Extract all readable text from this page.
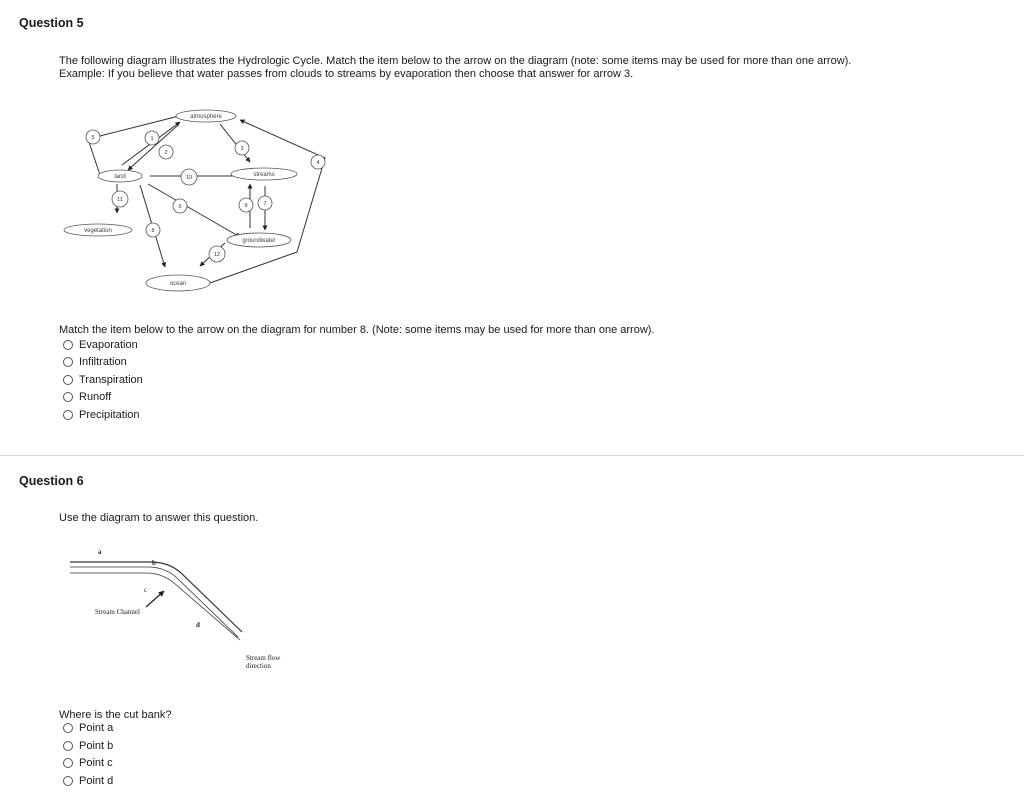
Question 5
The following diagram illustrates the Hydrologic Cycle. Match the item below to the arrow on the diagram (note: some items may be used for more than one arrow).
Example: If you believe that water passes from clouds to streams by evaporation then choose that answer for arrow 3.
atmosphere
land	streams
vegetation
groundwater
ocean
1
2
3
4
5
6	7
8
9
10
11
12
Match the item below to the arrow on the diagram for number 8. (Note: some items may be used for more than one arrow).
Evaporation
Infiltration
Transpiration
Runoff
Precipitation
Question 6
Use the diagram to answer this question.
a
b
c
d
Stream Channel
Stream flow
direction
Where is the cut bank?
Point a
Point b
Point c
Point d
